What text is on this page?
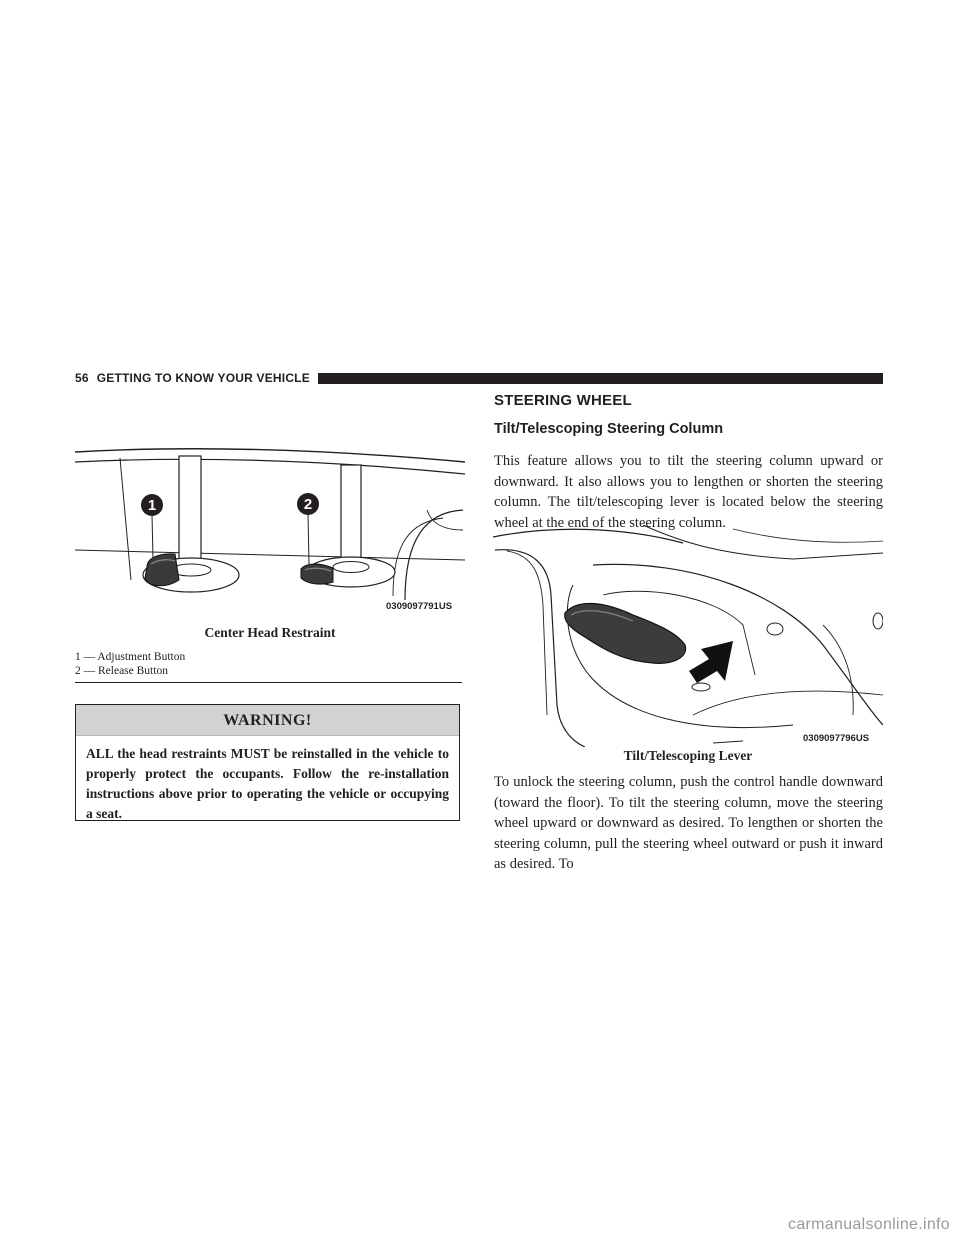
56 GETTING TO KNOW YOUR VEHICLE
1	2
0309097791US
Center Head Restraint
1 — Adjustment Button
2 — Release Button
WARNING!
ALL the head restraints MUST be reinstalled in the vehicle to properly protect the occupants. Follow the re-installation instructions above prior to operating the vehicle or occupying a seat.
STEERING WHEEL
Tilt/Telescoping Steering Column

This feature allows you to tilt the steering column upward or downward. It also allows you to lengthen or shorten the steering column. The tilt/telescoping lever is located below the steering wheel at the end of the steering column.

0309097796US
Tilt/Telescoping Lever

To unlock the steering column, push the control handle downward (toward the floor). To tilt the steering column, move the steering wheel upward or downward as desired. To lengthen or shorten the steering column, pull the steering wheel outward or push it inward as desired. To

carmanualsonline.info
